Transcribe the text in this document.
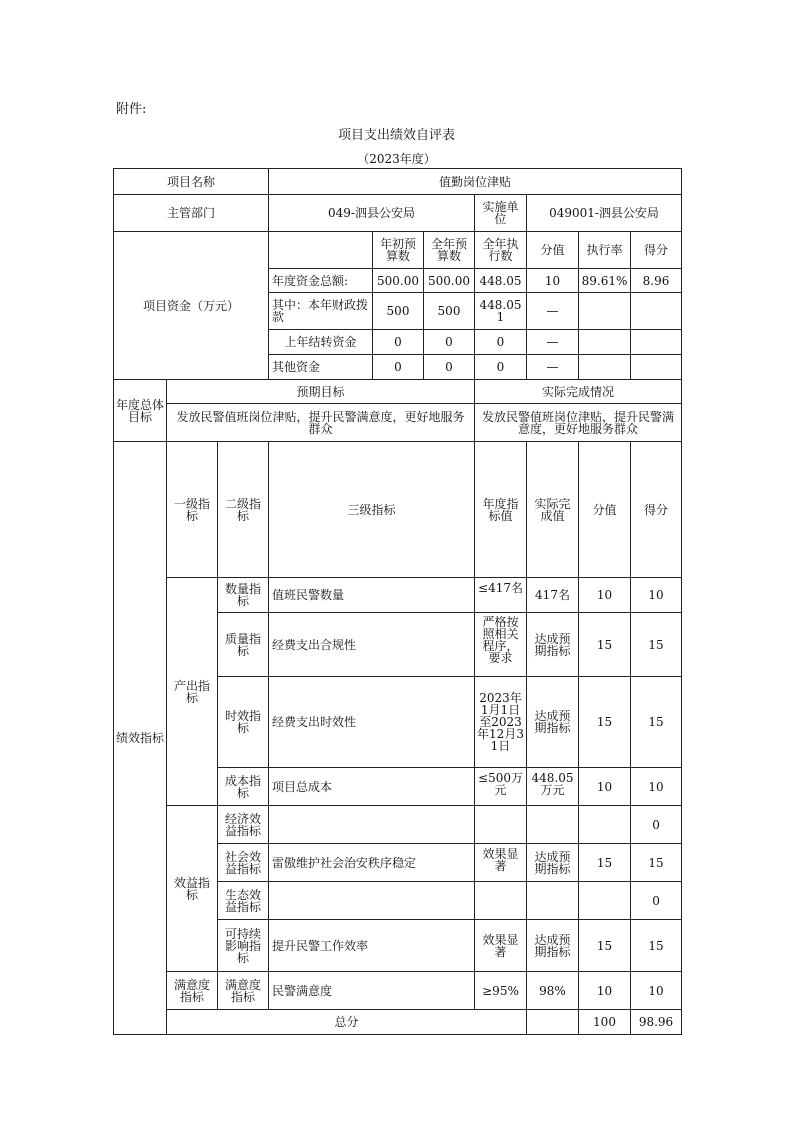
附件:
项目支出绩效自评表
（2023年度）
项目名称			值勤岗位津贴							
主管部门			049-泗县公安局			实施单位	049001-泗县公安局			
项目资金（万元）				年初预算数	全年预算数	全年执行数	分值	执行率	得分	
			年度资金总额:	500.00	500.00	448.05	10	89.61%	8.96	
			其中：本年财政拨款	500	500	448.051	—			
			上年结转资金	0	0	0	—			
			其他资金	0	0	0	—			
年度总体目标	预期目标					实际完成情况				
	发放民警值班岗位津贴，提升民警满意度，更好地服务群众					发放民警值班岗位津贴，提升民警满意度，更好地服务群众				
绩效指标	一级指标	二级指标	三级指标			年度指标值	实际完成值	分值	得分	
	产出指标	数量指标	值班民警数量			≤417名	417名	10	10	
		质量指标	经费支出合规性			严格按照相关程序，要求	达成预期指标	15	15	
		时效指标	经费支出时效性			2023年1月1日至2023年12月31日	达成预期指标	15	15	
		成本指标	项目总成本			≤500万元	448.05万元	10	10	
	效益指标	经济效益指标							0	
		社会效益指标	雷傲维护社会治安秩序稳定			效果显著	达成预期指标	15	15	
		生态效益指标							0	
		可持续影响指标	提升民警工作效率			效果显著	达成预期指标	15	15	
	满意度指标	满意度指标	民警满意度			≥95%	98%	10	10	
	总分							100	98.96	
